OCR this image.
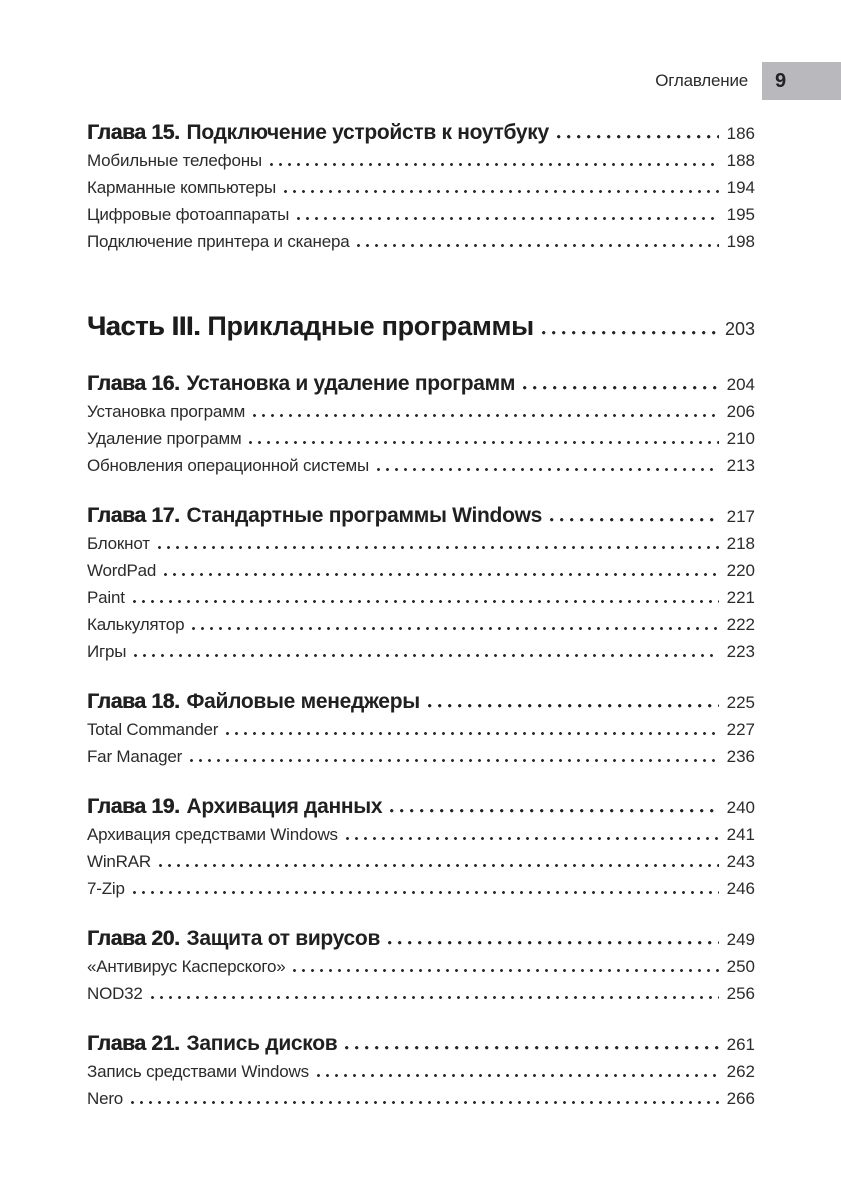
Оглавление 9
Глава 15. Подключение устройств к ноутбуку	186
Мобильные телефоны	188
Карманные компьютеры	194
Цифровые фотоаппараты	195
Подключение принтера и сканера	198
Часть III. Прикладные программы	203
Глава 16. Установка и удаление программ	204
Установка программ	206
Удаление программ	210
Обновления операционной системы	213
Глава 17. Стандартные программы Windows	217
Блокнот	218
WordPad	220
Paint	221
Калькулятор	222
Игры	223
Глава 18. Файловые менеджеры	225
Total Commander	227
Far Manager	236
Глава 19. Архивация данных	240
Архивация средствами Windows	241
WinRAR	243
7-Zip	246
Глава 20. Защита от вирусов	249
«Антивирус Касперского»	250
NOD32	256
Глава 21. Запись дисков	261
Запись средствами Windows	262
Nero	266
